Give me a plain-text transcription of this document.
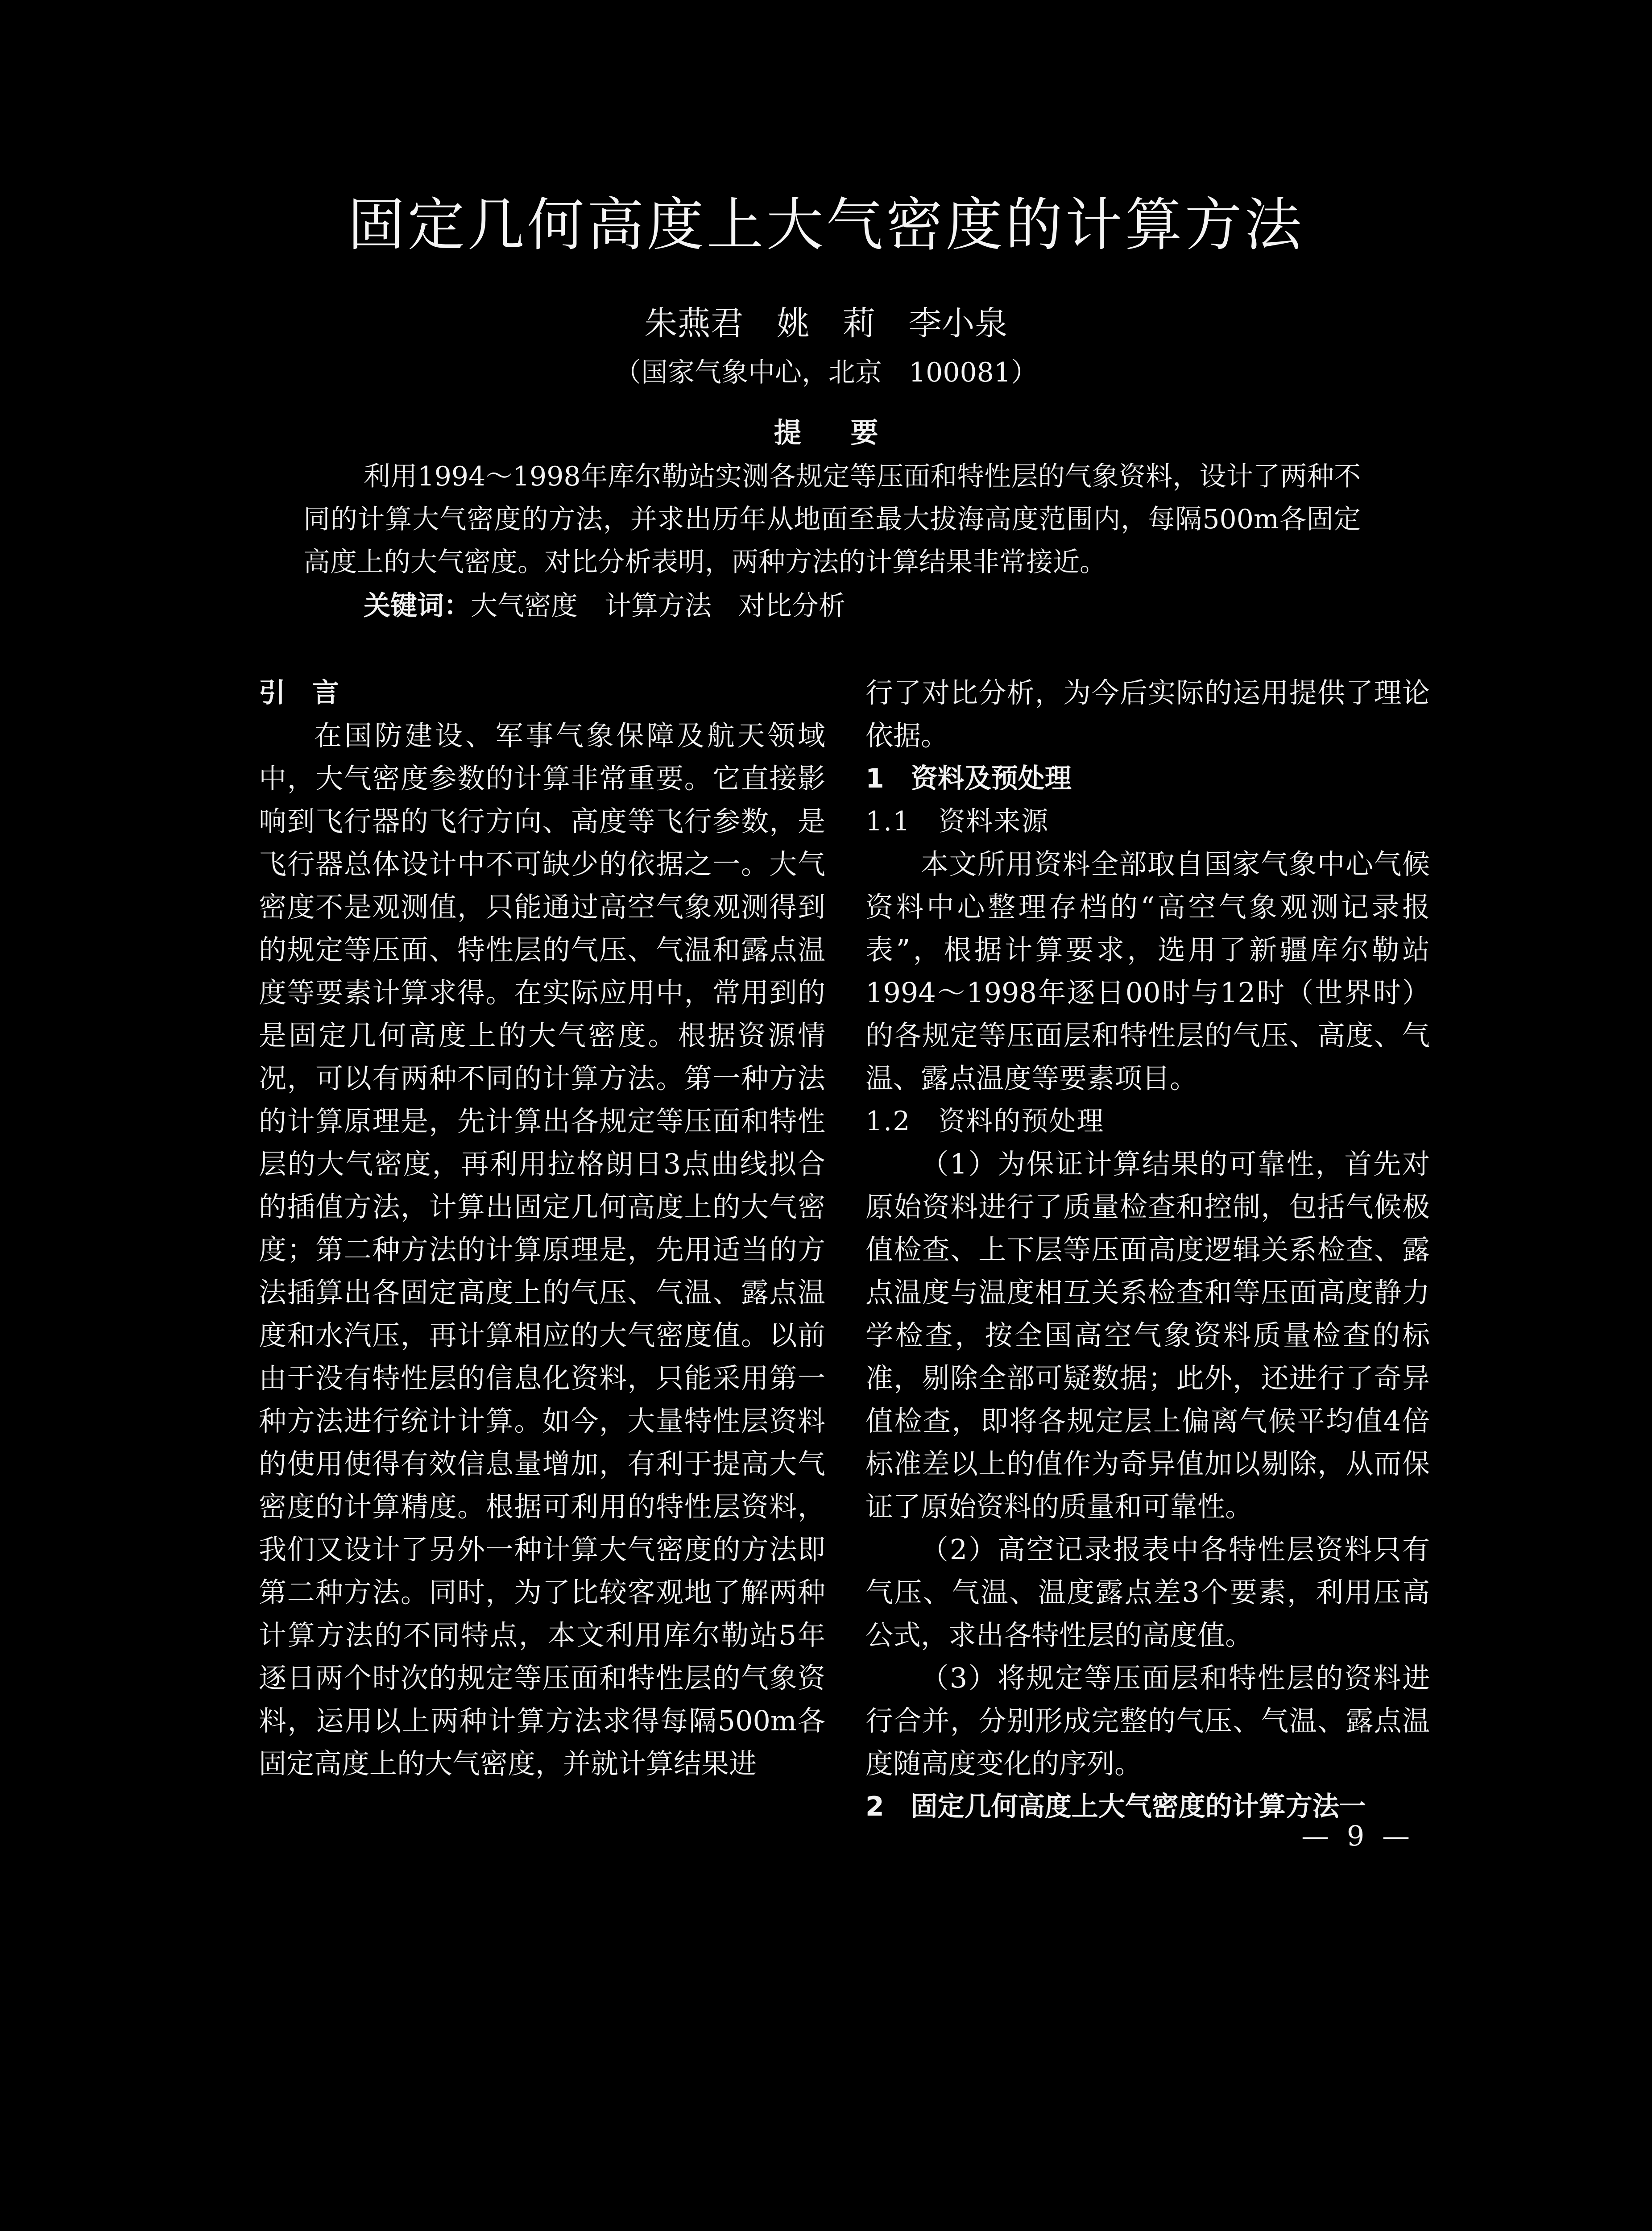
固定几何高度上大气密度的计算方法
朱燕君　姚　莉　李小泉
（国家气象中心，北京　100081）
提要

利用1994～1998年库尔勒站实测各规定等压面和特性层的气象资料，设计了两种不同的计算大气密度的方法，并求出历年从地面至最大拔海高度范围内，每隔500m各固定高度上的大气密度。对比分析表明，两种方法的计算结果非常接近。

关键词：大气密度　计算方法　对比分析

引言

在国防建设、军事气象保障及航天领域中，大气密度参数的计算非常重要。它直接影响到飞行器的飞行方向、高度等飞行参数，是飞行器总体设计中不可缺少的依据之一。大气密度不是观测值，只能通过高空气象观测得到的规定等压面、特性层的气压、气温和露点温度等要素计算求得。在实际应用中，常用到的是固定几何高度上的大气密度。根据资源情况，可以有两种不同的计算方法。第一种方法的计算原理是，先计算出各规定等压面和特性层的大气密度，再利用拉格朗日3点曲线拟合的插值方法，计算出固定几何高度上的大气密度；第二种方法的计算原理是，先用适当的方法插算出各固定高度上的气压、气温、露点温度和水汽压，再计算相应的大气密度值。以前由于没有特性层的信息化资料，只能采用第一种方法进行统计计算。如今，大量特性层资料的使用使得有效信息量增加，有利于提高大气密度的计算精度。根据可利用的特性层资料，我们又设计了另外一种计算大气密度的方法即第二种方法。同时，为了比较客观地了解两种计算方法的不同特点，本文利用库尔勒站5年逐日两个时次的规定等压面和特性层的气象资料，运用以上两种计算方法求得每隔500m各固定高度上的大气密度，并就计算结果进

行了对比分析，为今后实际的运用提供了理论依据。

1　资料及预处理
1.1　资料来源

本文所用资料全部取自国家气象中心气候资料中心整理存档的“高空气象观测记录报表”，根据计算要求，选用了新疆库尔勒站1994～1998年逐日00时与12时（世界时）的各规定等压面层和特性层的气压、高度、气温、露点温度等要素项目。

1.2　资料的预处理

（1）为保证计算结果的可靠性，首先对原始资料进行了质量检查和控制，包括气候极值检查、上下层等压面高度逻辑关系检查、露点温度与温度相互关系检查和等压面高度静力学检查，按全国高空气象资料质量检查的标准，剔除全部可疑数据；此外，还进行了奇异值检查，即将各规定层上偏离气候平均值4倍标准差以上的值作为奇异值加以剔除，从而保证了原始资料的质量和可靠性。

（2）高空记录报表中各特性层资料只有气压、气温、温度露点差3个要素，利用压高公式，求出各特性层的高度值。

（3）将规定等压面层和特性层的资料进行合并，分别形成完整的气压、气温、露点温度随高度变化的序列。

2　固定几何高度上大气密度的计算方法一
— 9 —
